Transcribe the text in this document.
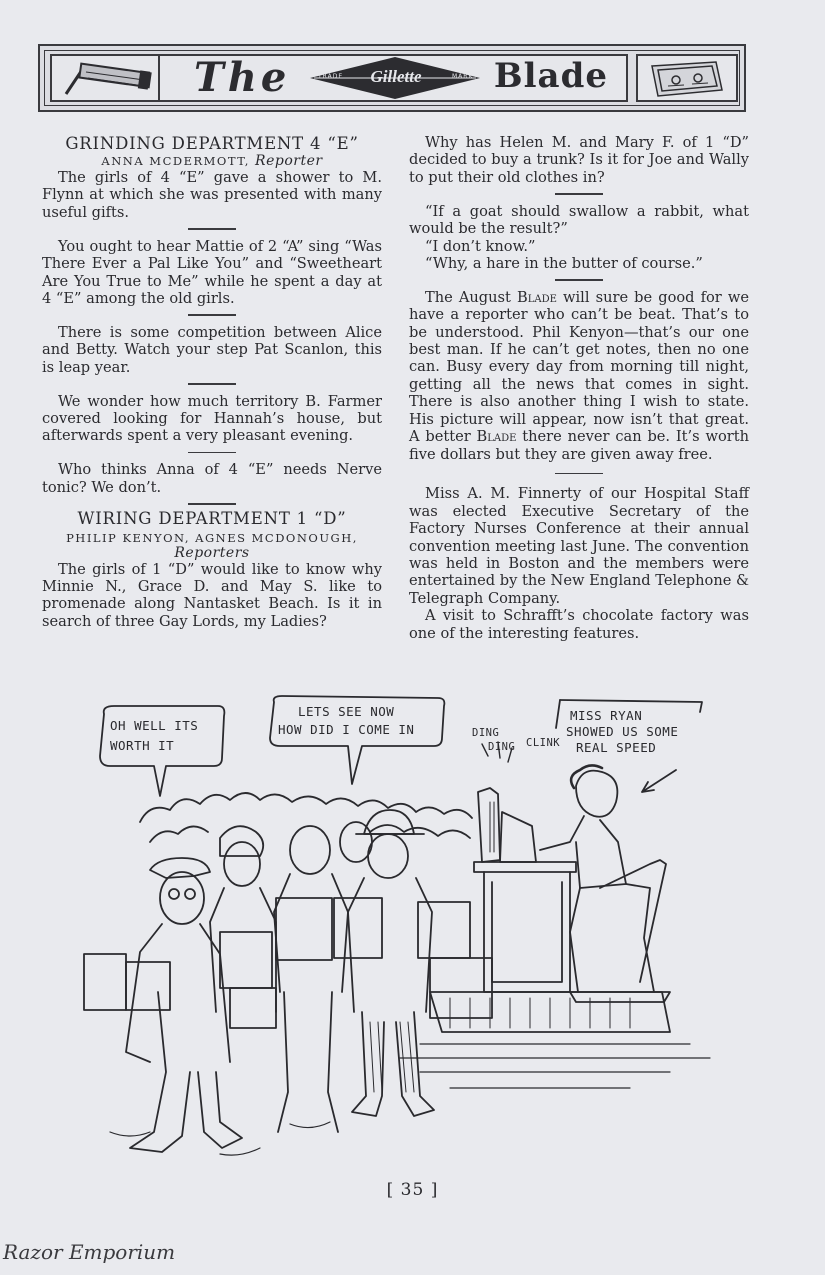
The	TRADE	Gillette	MARK Blade
GRINDING DEPARTMENT 4 “E”
ANNA MCDERMOTT, Reporter

The girls of 4 “E” gave a shower to M. Flynn at which she was presented with many useful gifts.

You ought to hear Mattie of 2 “A” sing “Was There Ever a Pal Like You” and “Sweetheart Are You True to Me” while he spent a day at 4 “E” among the old girls.

There is some competition between Alice and Betty. Watch your step Pat Scanlon, this is leap year.

We wonder how much territory B. Farmer covered looking for Hannah’s house, but afterwards spent a very pleasant evening.

Who thinks Anna of 4 “E” needs Nerve tonic? We don’t.

WIRING DEPARTMENT 1 “D”
PHILIP KENYON, AGNES MCDONOUGH,
Reporters

The girls of 1 “D” would like to know why Minnie N., Grace D. and May S. like to promenade along Nantasket Beach. Is it in search of three Gay Lords, my Ladies?

Why has Helen M. and Mary F. of 1 “D” decided to buy a trunk? Is it for Joe and Wally to put their old clothes in?

“If a goat should swallow a rabbit, what would be the result?”

“I don’t know.”

“Why, a hare in the butter of course.”

The August Blade will sure be good for we have a reporter who can’t be beat. That’s to be understood. Phil Kenyon—that’s our one best man. If he can’t get notes, then no one can. Busy every day from morning till night, getting all the news that comes in sight. There is also another thing I wish to state. His picture will appear, now isn’t that great. A better Blade there never can be. It’s worth five dollars but they are given away free.

Miss A. M. Finnerty of our Hospital Staff was elected Executive Secretary of the Factory Nurses Conference at their annual convention meeting last June. The convention was held in Boston and the members were entertained by the New England Telephone & Telegraph Company.

A visit to Schrafft’s chocolate factory was one of the interesting features.

OH WELL ITS
WORTH IT
LETS SEE NOW
HOW DID I COME IN	DING
DING CLINK
MISS RYAN
SHOWED US SOME
REAL SPEED
[ 35 ]
Razor Emporium
